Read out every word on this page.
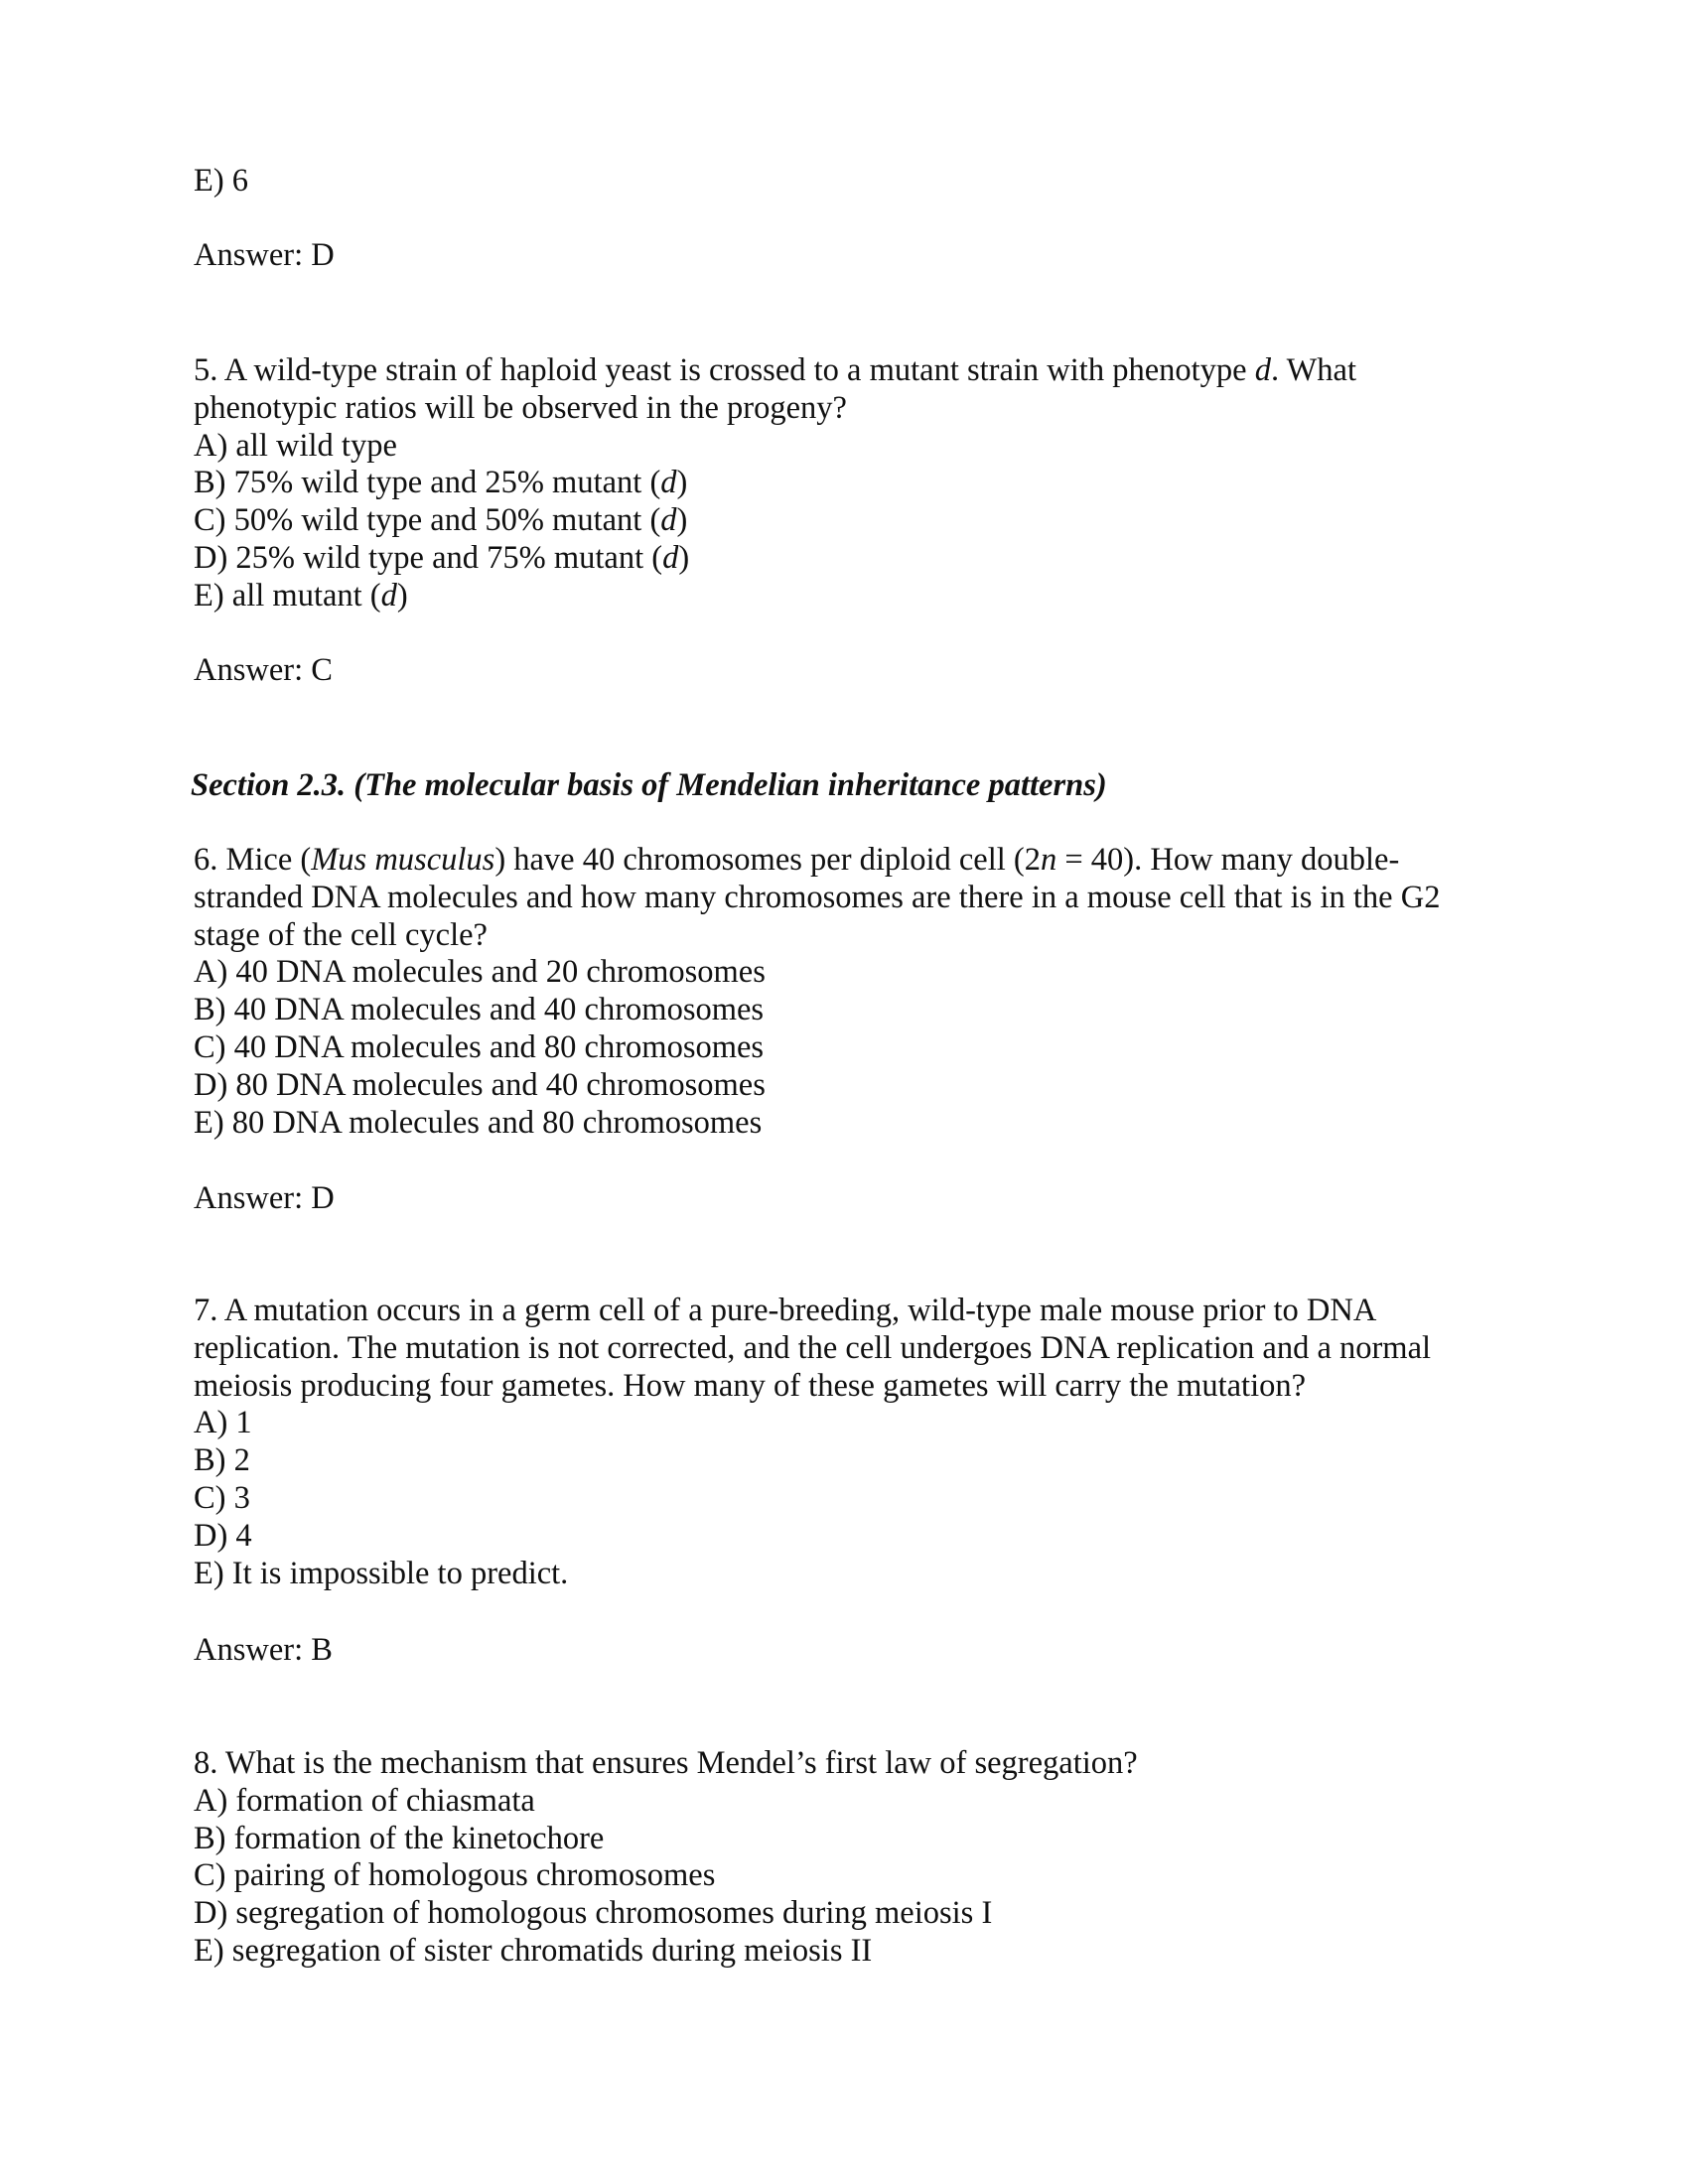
E) 6
Answer: D
5. A wild-type strain of haploid yeast is crossed to a mutant strain with phenotype d. What
phenotypic ratios will be observed in the progeny?
A) all wild type
B) 75% wild type and 25% mutant (d)
C) 50% wild type and 50% mutant (d)
D) 25% wild type and 75% mutant (d)
E) all mutant (d)
Answer: C
Section 2.3. (The molecular basis of Mendelian inheritance patterns)
6. Mice (Mus musculus) have 40 chromosomes per diploid cell (2n = 40). How many double-
stranded DNA molecules and how many chromosomes are there in a mouse cell that is in the G2
stage of the cell cycle?
A) 40 DNA molecules and 20 chromosomes
B) 40 DNA molecules and 40 chromosomes
C) 40 DNA molecules and 80 chromosomes
D) 80 DNA molecules and 40 chromosomes
E) 80 DNA molecules and 80 chromosomes
Answer: D
7. A mutation occurs in a germ cell of a pure-breeding, wild-type male mouse prior to DNA
replication. The mutation is not corrected, and the cell undergoes DNA replication and a normal
meiosis producing four gametes. How many of these gametes will carry the mutation?
A) 1
B) 2
C) 3
D) 4
E) It is impossible to predict.
Answer: B
8. What is the mechanism that ensures Mendel’s first law of segregation?
A) formation of chiasmata
B) formation of the kinetochore
C) pairing of homologous chromosomes
D) segregation of homologous chromosomes during meiosis I
E) segregation of sister chromatids during meiosis II
